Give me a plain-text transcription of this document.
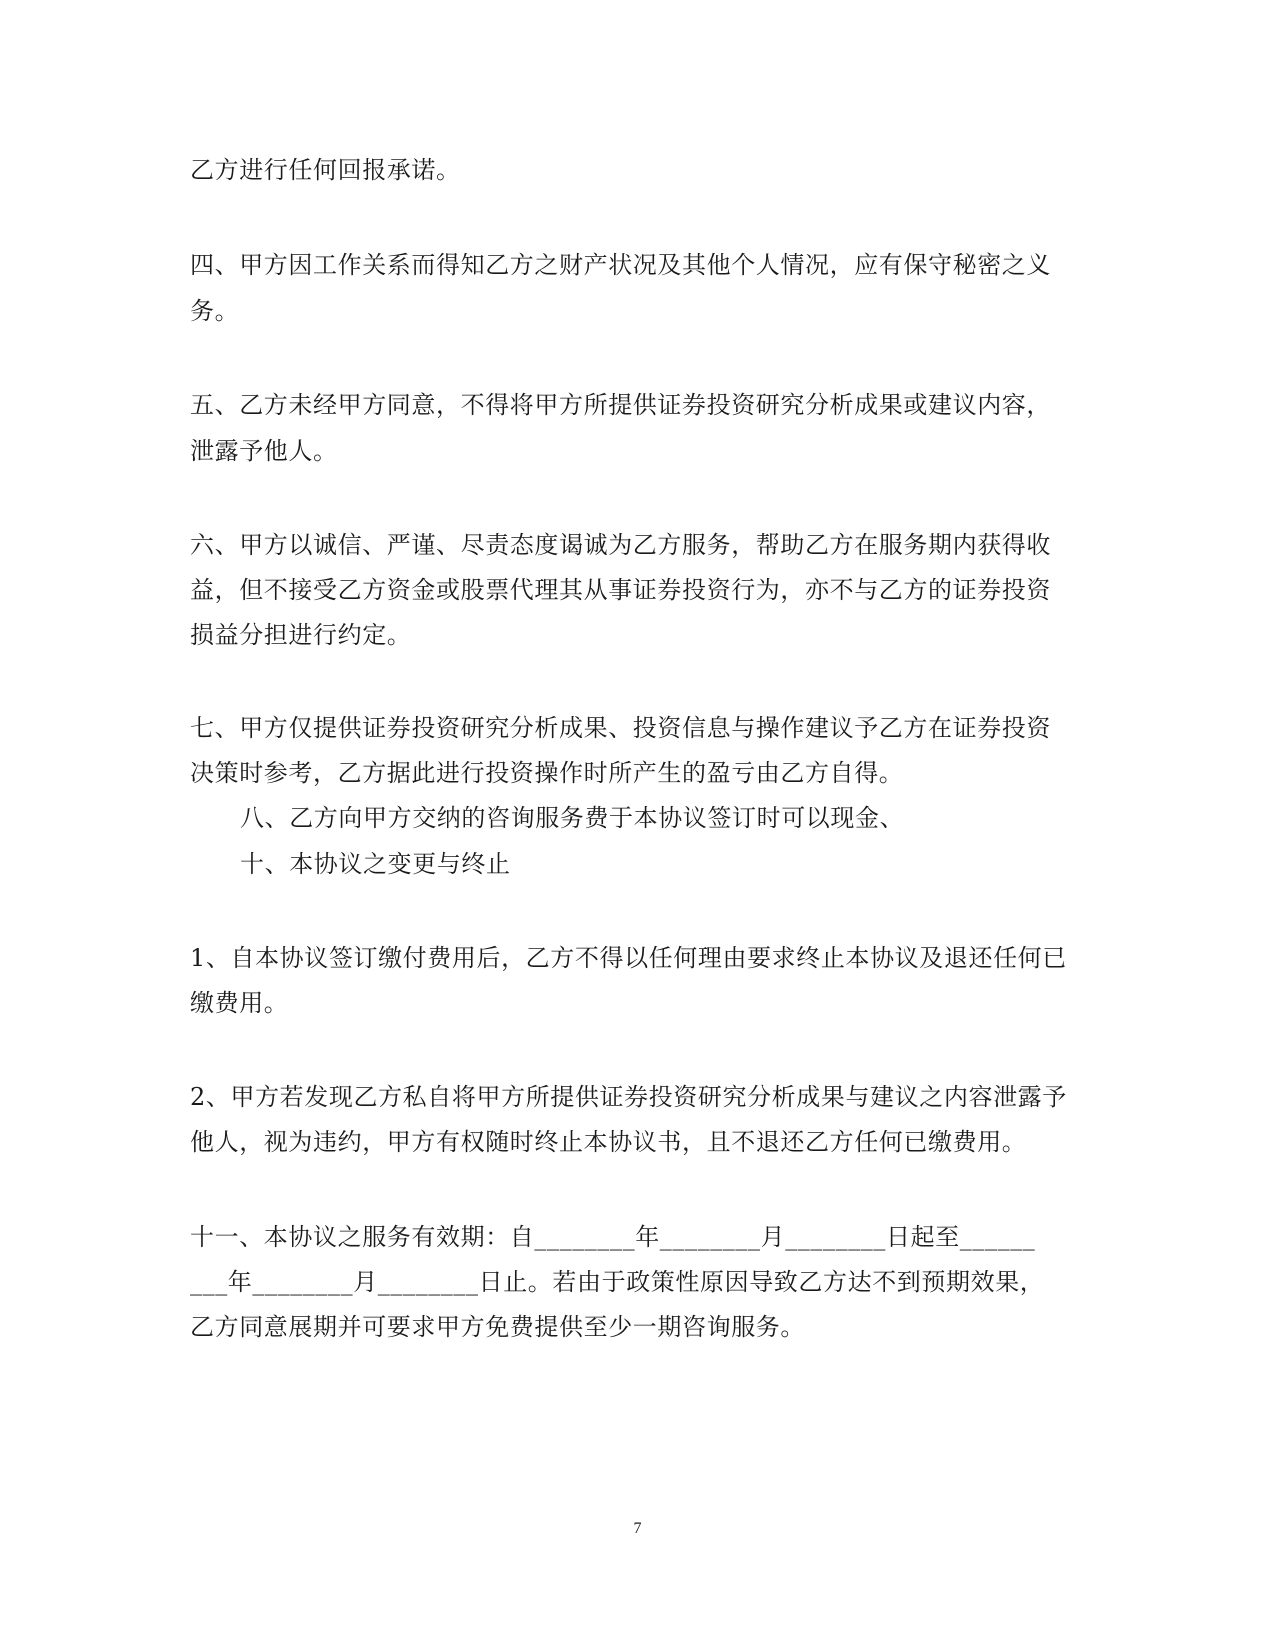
乙方进行任何回报承诺。
四、甲方因工作关系而得知乙方之财产状况及其他个人情况，应有保守秘密之义
务。
五、乙方未经甲方同意，不得将甲方所提供证券投资研究分析成果或建议内容，
泄露予他人。
六、甲方以诚信、严谨、尽责态度谒诚为乙方服务，帮助乙方在服务期内获得收
益，但不接受乙方资金或股票代理其从事证券投资行为，亦不与乙方的证券投资
损益分担进行约定。
七、甲方仅提供证券投资研究分析成果、投资信息与操作建议予乙方在证券投资
决策时参考，乙方据此进行投资操作时所产生的盈亏由乙方自得。
八、乙方向甲方交纳的咨询服务费于本协议签订时可以现金、
十、本协议之变更与终止
1、自本协议签订缴付费用后，乙方不得以任何理由要求终止本协议及退还任何已
缴费用。
2、甲方若发现乙方私自将甲方所提供证券投资研究分析成果与建议之内容泄露予
他人，视为违约，甲方有权随时终止本协议书，且不退还乙方任何已缴费用。
十一、本协议之服务有效期：自________年________月________日起至______
___年________月________日止。若由于政策性原因导致乙方达不到预期效果，
乙方同意展期并可要求甲方免费提供至少一期咨询服务。
7
